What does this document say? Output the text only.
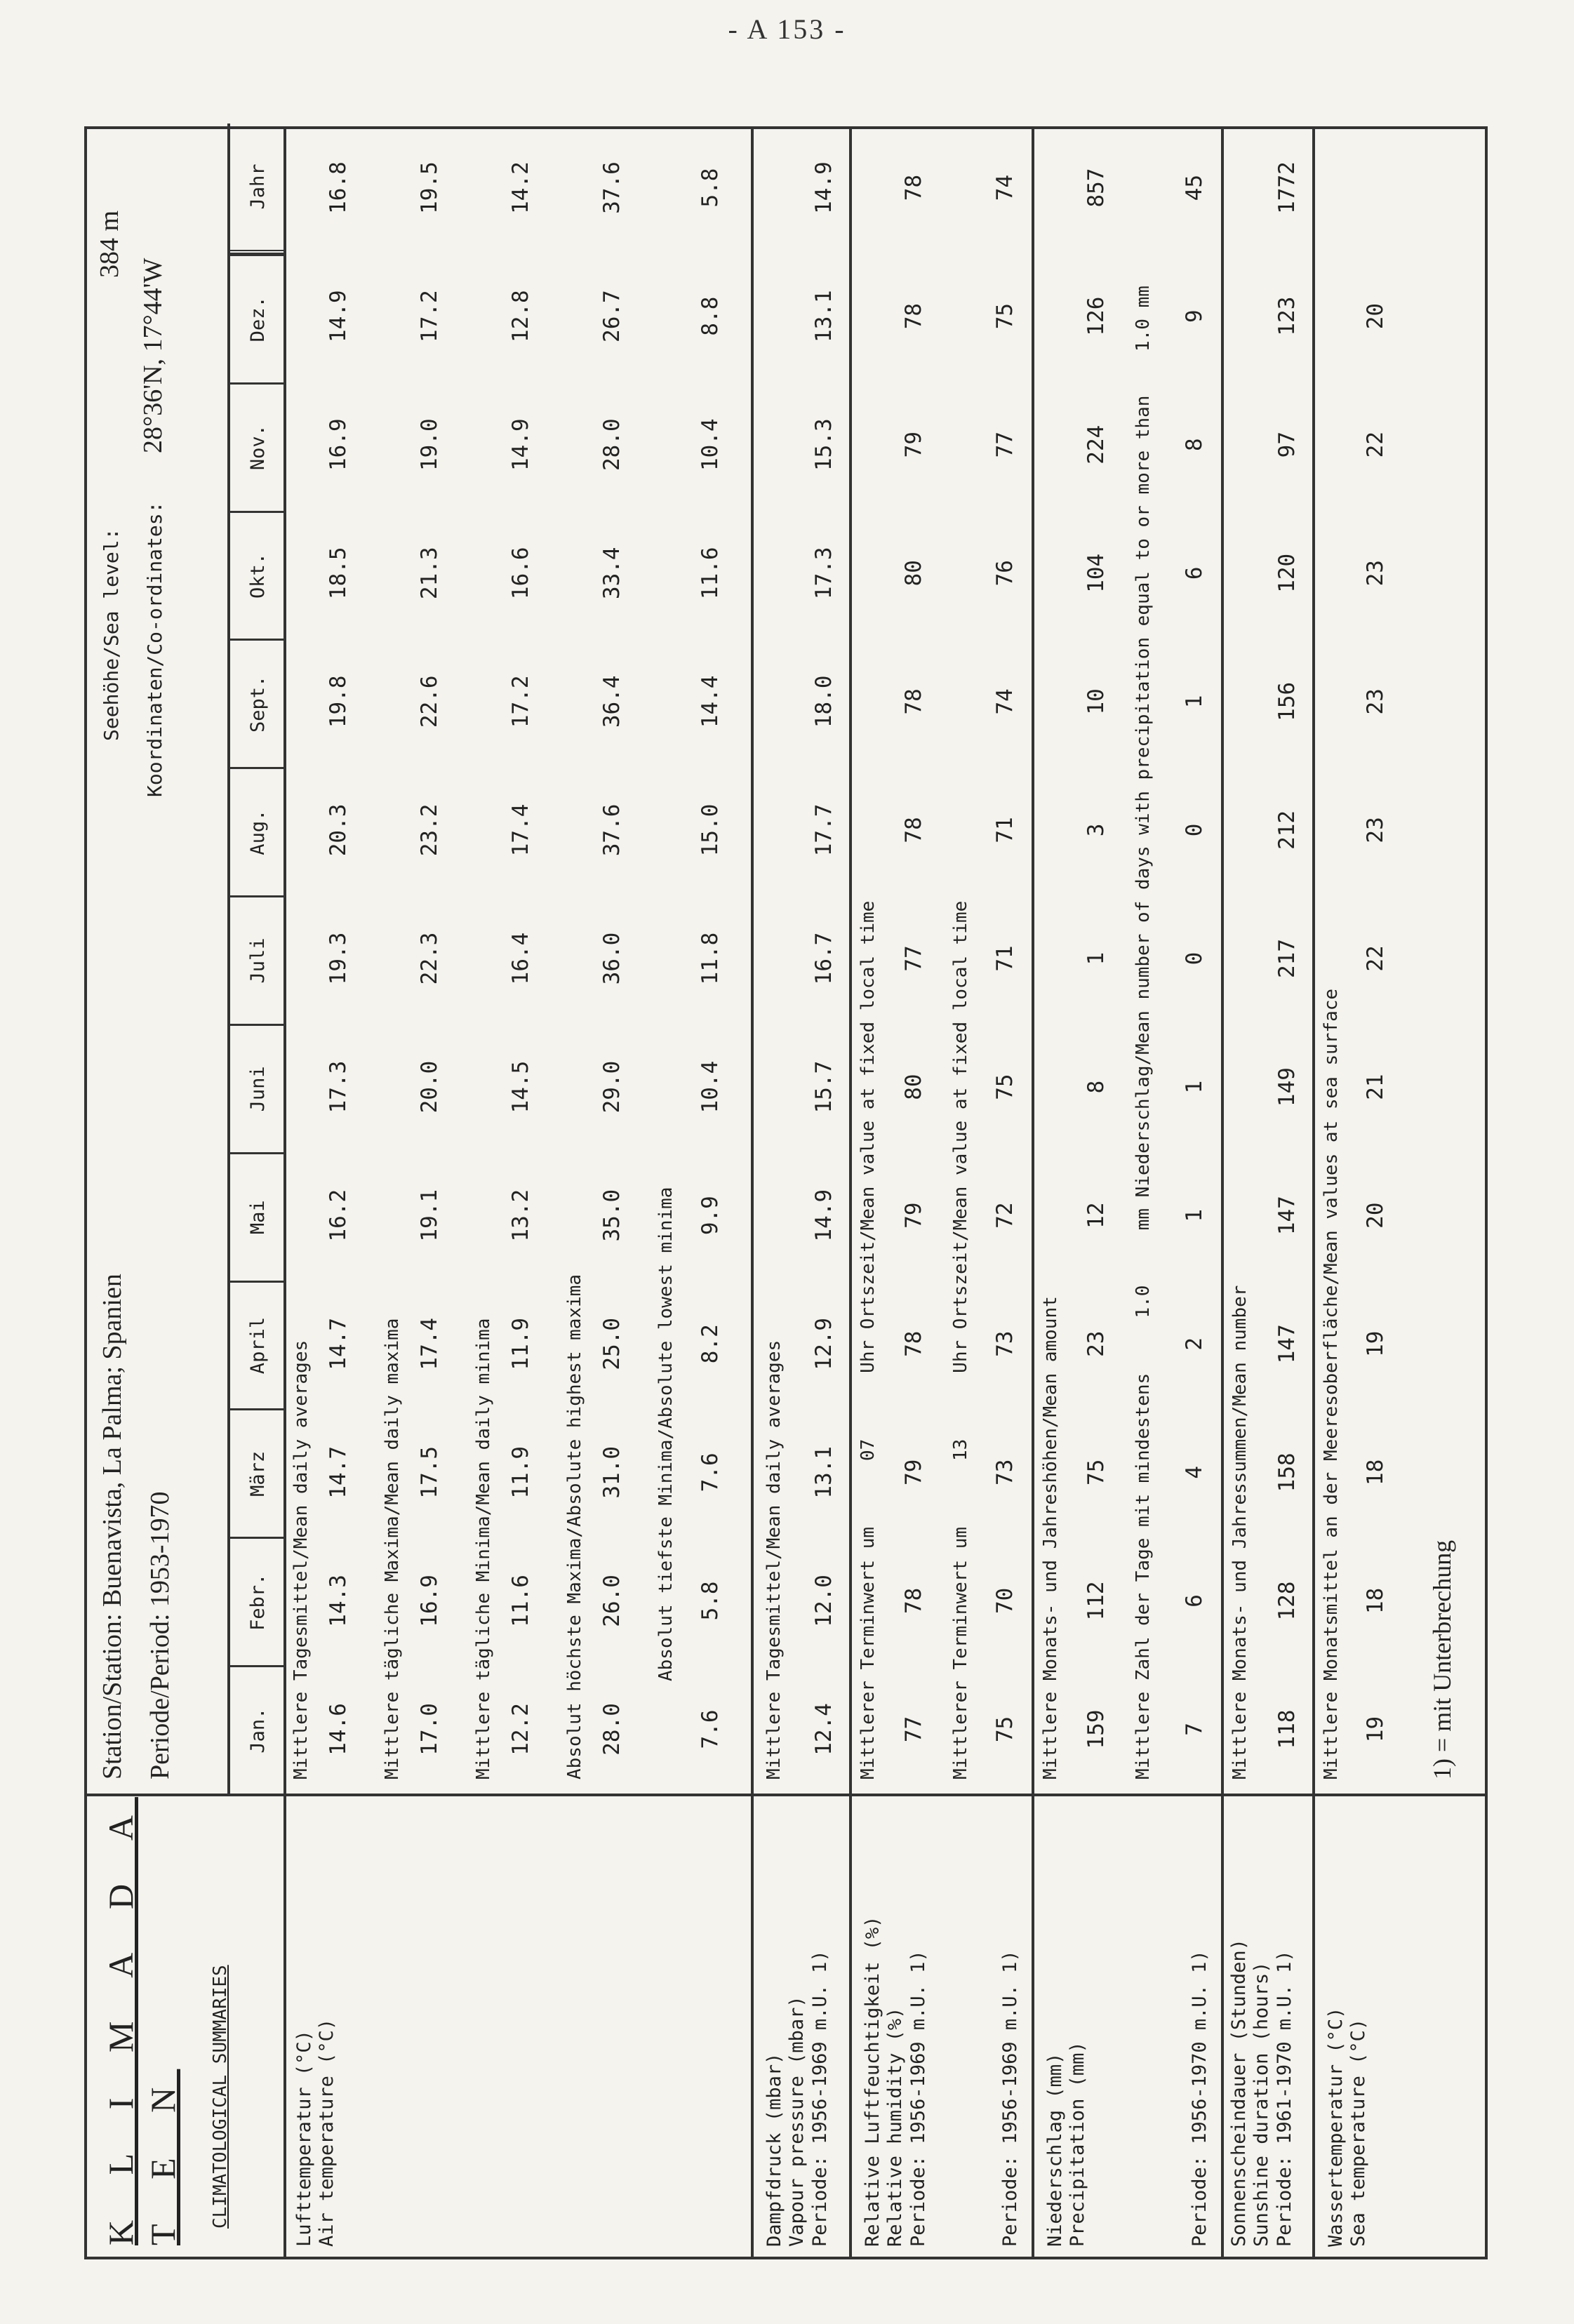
- A 153 -
K L I M A D A T E N CLIMATOLOGICAL SUMMARIES
Station/Station: Buenavista, La Palma; Spanien Periode/Period: 1953-1970
Seehöhe/Sea level:
384 m
Koordinaten/Co-ordinates:
28°36'N, 17°44'W
Jan.
Febr.
März
April
Mai
Juni
Juli
Aug.
Sept.
Okt.
Nov.
Dez.
Jahr
Lufttemperatur (°C) Air temperature (°C)
Mittlere Tagesmittel/Mean daily averages 14.6
14.3
14.7
14.7
16.2
17.3
19.3
20.3
19.8
18.5
16.9
14.9
16.8
Mittlere tägliche Maxima/Mean daily maxima 17.0
16.9
17.5
17.4
19.1
20.0
22.3
23.2
22.6
21.3
19.0
17.2
19.5
Mittlere tägliche Minima/Mean daily minima 12.2
11.6
11.9
11.9
13.2
14.5
16.4
17.4
17.2
16.6
14.9
12.8
14.2
Absolut höchste Maxima/Absolute highest maxima 28.0
26.0
31.0
25.0
35.0
29.0
36.0
37.6
36.4
33.4
28.0
26.7
37.6
Absolut tiefste Minima/Absolute lowest minima
7.6
5.8
7.6
8.2
9.9
10.4
11.8
15.0
14.4
11.6
10.4
8.8
5.8
Dampfdruck (mbar) Vapour pressure (mbar) Periode: 1956-1969 m.U. 1)
Mittlere Tagesmittel/Mean daily averages 12.4
12.0
13.1
12.9
14.9
15.7
16.7
17.7
18.0
17.3
15.3
13.1
14.9
Relative Luftfeuchtigkeit (%) Relative humidity (%) Periode: 1956-1969 m.U. 1)	Periode: 1956-1969 m.U. 1)
Mittlerer Terminwert um      07      Uhr Ortszeit/Mean value at fixed local time
77
78
79
78
79
80
77
78
78
80
79
78
78
Mittlerer Terminwert um      13      Uhr Ortszeit/Mean value at fixed local time
75
70
73
73
72
75
71
71
74
76
77
75
74
Niederschlag (mm) Precipitation (mm)	Periode: 1956-1970 m.U. 1)
Mittlere Monats- und Jahreshöhen/Mean amount 159
112
75
23
12
8
1
3
10
104
224
126
857
Mittlere Zahl der Tage mit mindestens     1.0     mm Niederschlag/Mean number of days with precipitation equal to or more than    1.0 mm
7
6
4
2
1
1
0
0
1
6
8
9
45
Sonnenscheindauer (Stunden) Sunshine duration (hours) Periode: 1961-1970 m.U. 1)
Mittlere Monats- und Jahressummen/Mean number 118
128
158
147
147
149
217
212
156
120
97
123
1772
Wassertemperatur (°C) Sea temperature (°C)
Mittlere Monatsmittel an der Meeresoberfläche/Mean values at sea surface 19
18
18
19
20
21
22
23
23
23
22
20
1) = mit Unterbrechung
